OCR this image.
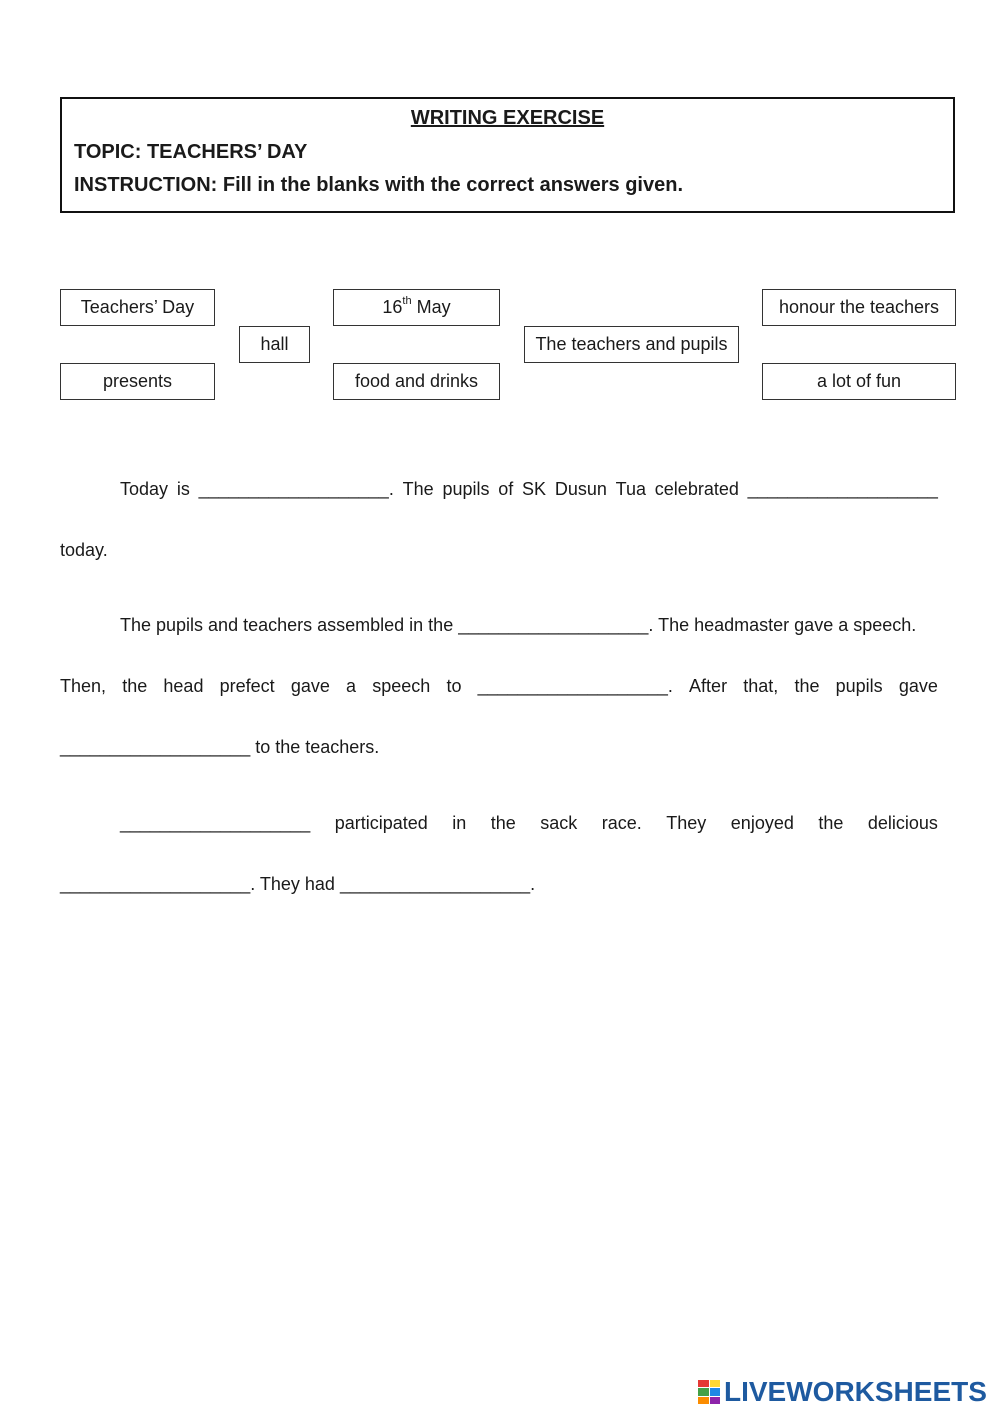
WRITING EXERCISE
TOPIC: TEACHERS’ DAY
INSTRUCTION: Fill in the blanks with the correct answers given.
Teachers’ Day	16th May	honour the teachers
hall	The teachers and pupils
presents	food and drinks	a lot of fun
Today is ___________________. The pupils of SK Dusun Tua celebrated ___________________
today.
The pupils and teachers assembled in the ___________________. The headmaster gave a speech.
Then, the head prefect gave a speech to ___________________. After that, the pupils gave
___________________ to the teachers.
___________________ participated in the sack race. They enjoyed the delicious
___________________. They had ___________________.
LIVEWORKSHEETS
